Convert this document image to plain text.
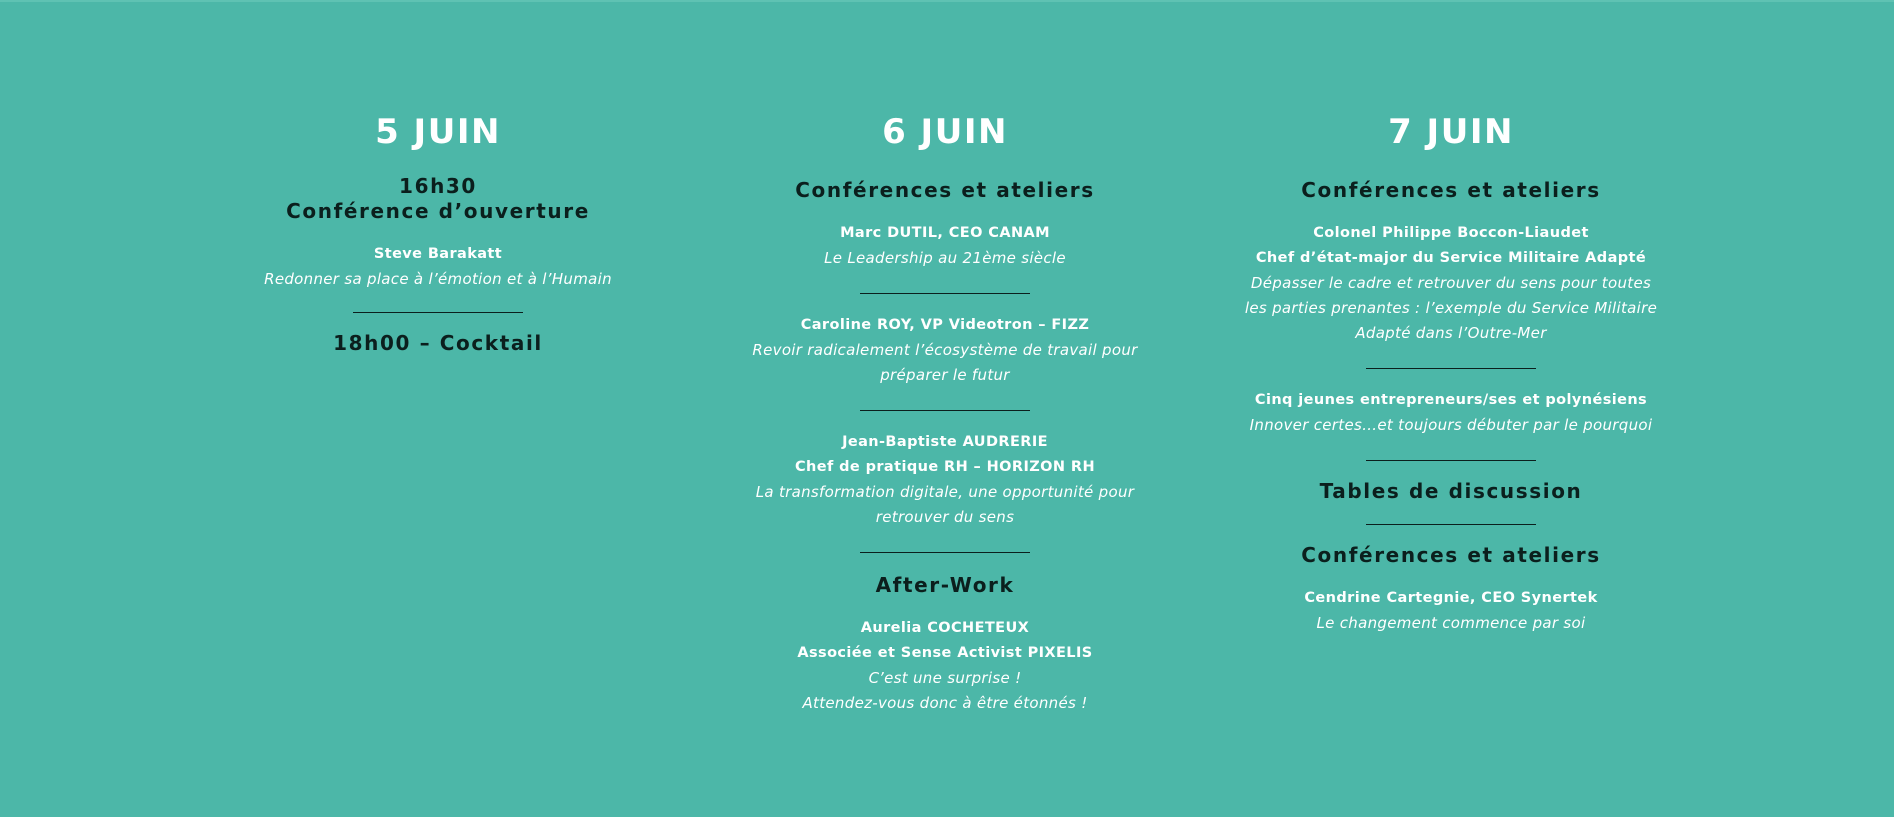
5 JUIN
16h30
Conférence d’ouverture
Steve Barakatt
Redonner sa place à l’émotion et à l’Humain
18h00 – Cocktail
6 JUIN
Conférences et ateliers
Marc DUTIL, CEO CANAM
Le Leadership au 21ème siècle
Caroline ROY, VP Videotron – FIZZ
Revoir radicalement l’écosystème de travail pour
préparer le futur
Jean-Baptiste AUDRERIE
Chef de pratique RH – HORIZON RH
La transformation digitale, une opportunité pour
retrouver du sens
After-Work
Aurelia COCHETEUX
Associée et Sense Activist PIXELIS
C’est une surprise !
Attendez-vous donc à être étonnés !
7 JUIN
Conférences et ateliers
Colonel Philippe Boccon-Liaudet
Chef d’état-major du Service Militaire Adapté
Dépasser le cadre et retrouver du sens pour toutes
les parties prenantes : l’exemple du Service Militaire
Adapté dans l’Outre-Mer
Cinq jeunes entrepreneurs/ses et polynésiens
Innover certes…et toujours débuter par le pourquoi
Tables de discussion
Conférences et ateliers
Cendrine Cartegnie, CEO Synertek
Le changement commence par soi
